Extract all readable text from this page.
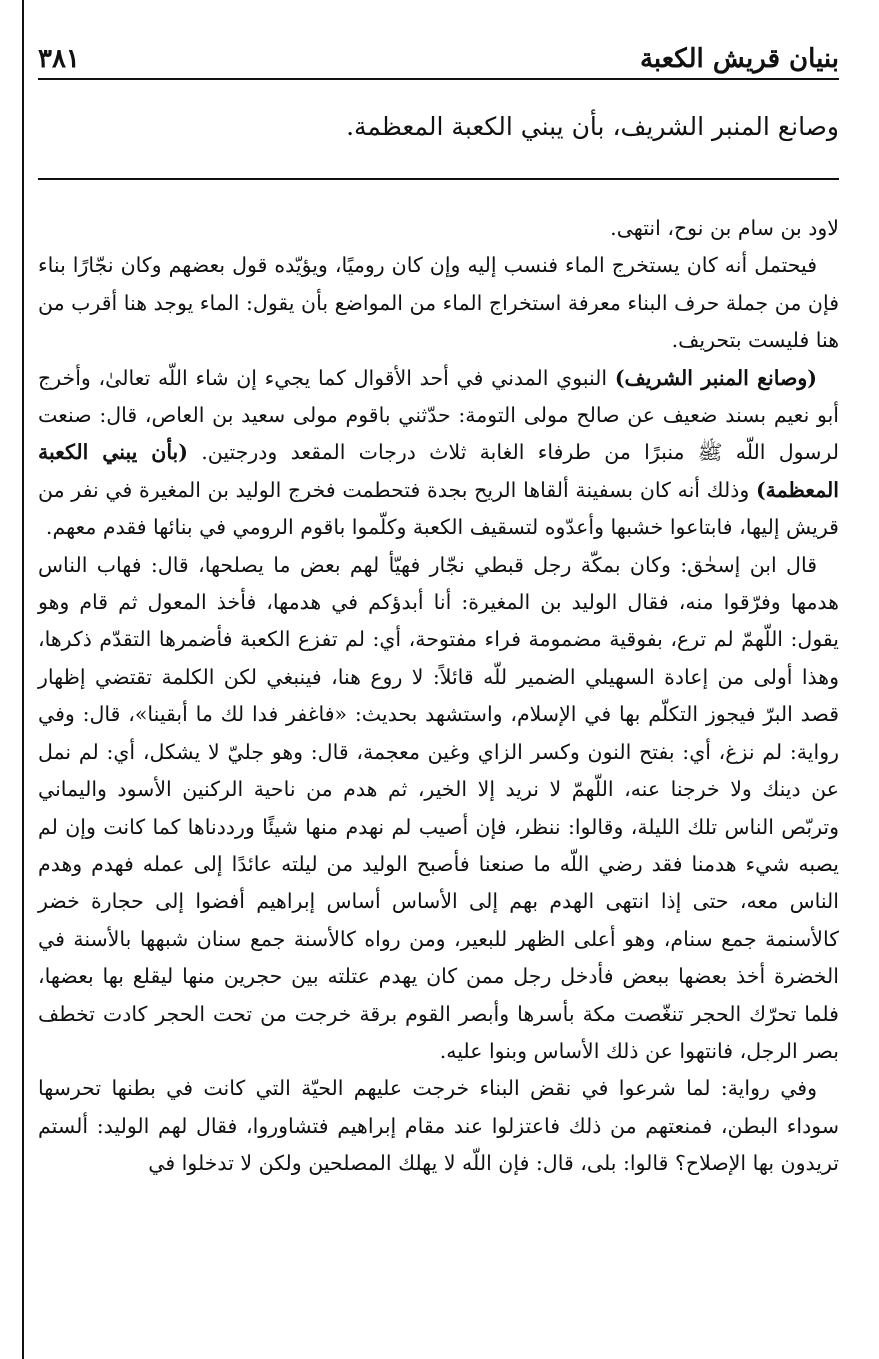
بنيان قريش الكعبة
٣٨١
وصانع المنبر الشريف، بأن يبني الكعبة المعظمة.

لاود بن سام بن نوح، انتهى.

فيحتمل أنه كان يستخرج الماء فنسب إليه وإن كان روميًا، ويؤيّده قول بعضهم وكان نجّارًا بناء فإن من جملة حرف البناء معرفة استخراج الماء من المواضع بأن يقول: الماء يوجد هنا أقرب من هنا فليست بتحريف.

(وصانع المنبر الشريف) النبوي المدني في أحد الأقوال كما يجيء إن شاء اللّه تعالىٰ، وأخرج أبو نعيم بسند ضعيف عن صالح مولى التومة: حدّثني باقوم مولى سعيد بن العاص، قال: صنعت لرسول اللّه ﷺ منبرًا من طرفاء الغابة ثلاث درجات المقعد ودرجتين. (بأن يبني الكعبة المعظمة) وذلك أنه كان بسفينة ألقاها الريح بجدة فتحطمت فخرج الوليد بن المغيرة في نفر من قريش إليها، فابتاعوا خشبها وأعدّوه لتسقيف الكعبة وكلّموا باقوم الرومي في بنائها فقدم معهم.

قال ابن إسحٰق: وكان بمكّة رجل قبطي نجّار فهيّأ لهم بعض ما يصلحها، قال: فهاب الناس هدمها وفرّقوا منه، فقال الوليد بن المغيرة: أنا أبدؤكم في هدمها، فأخذ المعول ثم قام وهو يقول: اللّهمّ لم ترع، بفوقية مضمومة فراء مفتوحة، أي: لم تفزع الكعبة فأضمرها التقدّم ذكرها، وهذا أولى من إعادة السهيلي الضمير للّه قائلاً: لا روع هنا، فينبغي لكن الكلمة تقتضي إظهار قصد البرّ فيجوز التكلّم بها في الإسلام، واستشهد بحديث: «فاغفر فدا لك ما أبقينا»، قال: وفي رواية: لم نزغ، أي: بفتح النون وكسر الزاي وغين معجمة، قال: وهو جليّ لا يشكل، أي: لم نمل عن دينك ولا خرجنا عنه، اللّهمّ لا نريد إلا الخير، ثم هدم من ناحية الركنين الأسود واليماني وتربّص الناس تلك الليلة، وقالوا: ننظر، فإن أصيب لم نهدم منها شيئًا ورددناها كما كانت وإن لم يصبه شيء هدمنا فقد رضي اللّه ما صنعنا فأصبح الوليد من ليلته عائدًا إلى عمله فهدم وهدم الناس معه، حتى إذا انتهى الهدم بهم إلى الأساس أساس إبراهيم أفضوا إلى حجارة خضر كالأسنمة جمع سنام، وهو أعلى الظهر للبعير، ومن رواه كالأسنة جمع سنان شبهها بالأسنة في الخضرة أخذ بعضها ببعض فأدخل رجل ممن كان يهدم عتلته بين حجرين منها ليقلع بها بعضها، فلما تحرّك الحجر تنغّصت مكة بأسرها وأبصر القوم برقة خرجت من تحت الحجر كادت تخطف بصر الرجل، فانتهوا عن ذلك الأساس وبنوا عليه.

وفي رواية: لما شرعوا في نقض البناء خرجت عليهم الحيّة التي كانت في بطنها تحرسها سوداء البطن، فمنعتهم من ذلك فاعتزلوا عند مقام إبراهيم فتشاوروا، فقال لهم الوليد: ألستم تريدون بها الإصلاح؟ قالوا: بلى، قال: فإن اللّه لا يهلك المصلحين ولكن لا تدخلوا في
